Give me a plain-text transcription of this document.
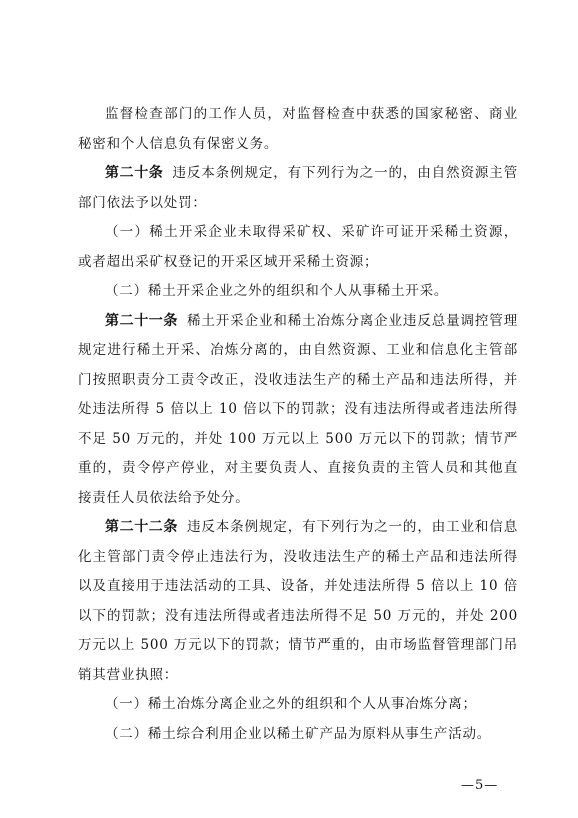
监督检查部门的工作人员，对监督检查中获悉的国家秘密、商业秘密和个人信息负有保密义务。

第二十条 违反本条例规定，有下列行为之一的，由自然资源主管部门依法予以处罚：

（一）稀土开采企业未取得采矿权、采矿许可证开采稀土资源，或者超出采矿权登记的开采区域开采稀土资源；

（二）稀土开采企业之外的组织和个人从事稀土开采。

第二十一条 稀土开采企业和稀土冶炼分离企业违反总量调控管理规定进行稀土开采、冶炼分离的，由自然资源、工业和信息化主管部门按照职责分工责令改正，没收违法生产的稀土产品和违法所得，并处违法所得 5 倍以上 10 倍以下的罚款；没有违法所得或者违法所得不足 50 万元的，并处 100 万元以上 500 万元以下的罚款；情节严重的，责令停产停业，对主要负责人、直接负责的主管人员和其他直接责任人员依法给予处分。

第二十二条 违反本条例规定，有下列行为之一的，由工业和信息化主管部门责令停止违法行为，没收违法生产的稀土产品和违法所得以及直接用于违法活动的工具、设备，并处违法所得 5 倍以上 10 倍以下的罚款；没有违法所得或者违法所得不足 50 万元的，并处 200 万元以上 500 万元以下的罚款；情节严重的，由市场监督管理部门吊销其营业执照：

（一）稀土冶炼分离企业之外的组织和个人从事冶炼分离；

（二）稀土综合利用企业以稀土矿产品为原料从事生产活动。

—5—
